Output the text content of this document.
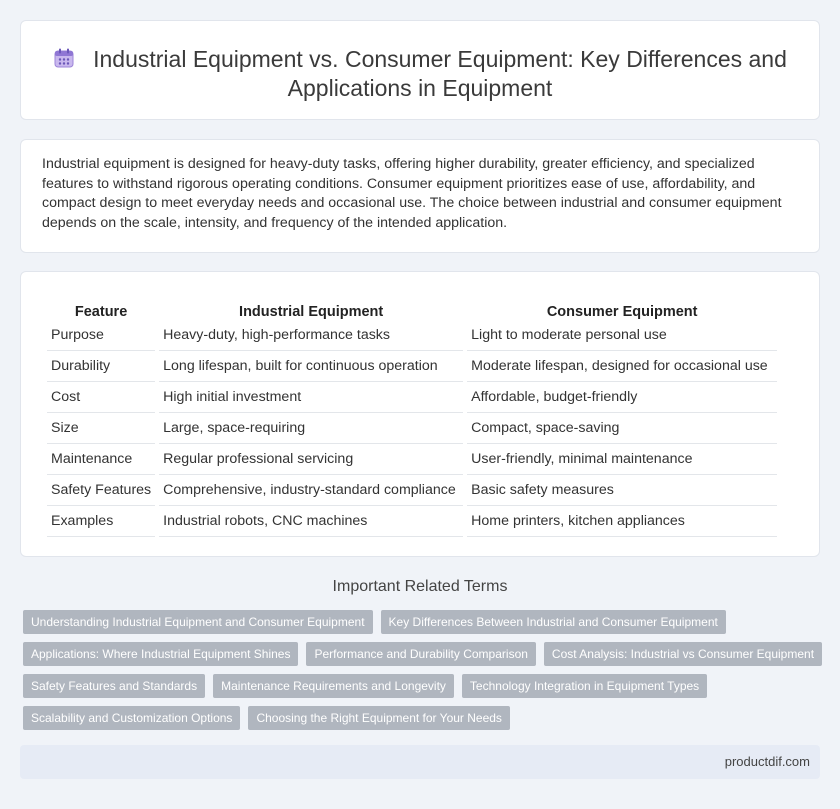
Industrial Equipment vs. Consumer Equipment: Key Differences and Applications in Equipment

Industrial equipment is designed for heavy-duty tasks, offering higher durability, greater efficiency, and specialized features to withstand rigorous operating conditions. Consumer equipment prioritizes ease of use, affordability, and compact design to meet everyday needs and occasional use. The choice between industrial and consumer equipment depends on the scale, intensity, and frequency of the intended application.

Feature	Industrial Equipment	Consumer Equipment
Purpose	Heavy-duty, high-performance tasks	Light to moderate personal use
Durability	Long lifespan, built for continuous operation	Moderate lifespan, designed for occasional use
Cost	High initial investment	Affordable, budget-friendly
Size	Large, space-requiring	Compact, space-saving
Maintenance	Regular professional servicing	User-friendly, minimal maintenance
Safety Features	Comprehensive, industry-standard compliance	Basic safety measures
Examples	Industrial robots, CNC machines	Home printers, kitchen appliances
Important Related Terms
Understanding Industrial Equipment and Consumer Equipment	Key Differences Between Industrial and Consumer Equipment
Applications: Where Industrial Equipment Shines	Performance and Durability Comparison	Cost Analysis: Industrial vs Consumer Equipment
Safety Features and Standards	Maintenance Requirements and Longevity	Technology Integration in Equipment Types
Scalability and Customization Options	Choosing the Right Equipment for Your Needs
productdif.com
